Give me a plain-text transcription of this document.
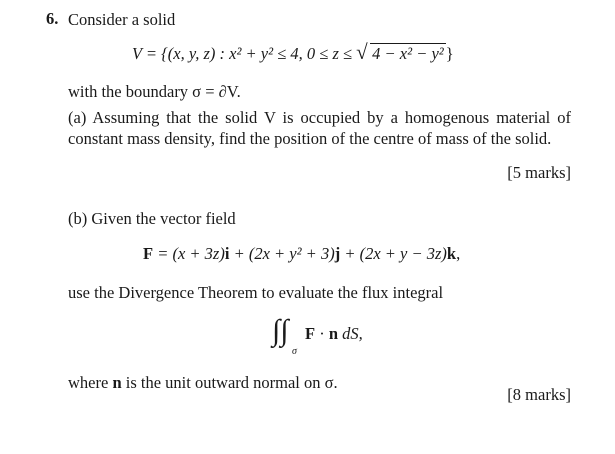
6. Consider a solid
V = {(x, y, z) : x² + y² ≤ 4, 0 ≤ z ≤ √ 4 − x² − y² }
with the boundary σ = ∂V.
(a) Assuming that the solid V is occupied by a homogenous material of constant mass density, find the position of the centre of mass of the solid.
[5 marks]
(b) Given the vector field
F = (x + 3z)i + (2x + y² + 3)j + (2x + y − 3z)k,
use the Divergence Theorem to evaluate the flux integral
∫∫
σ
F · n dS,
where n is the unit outward normal on σ.
[8 marks]
